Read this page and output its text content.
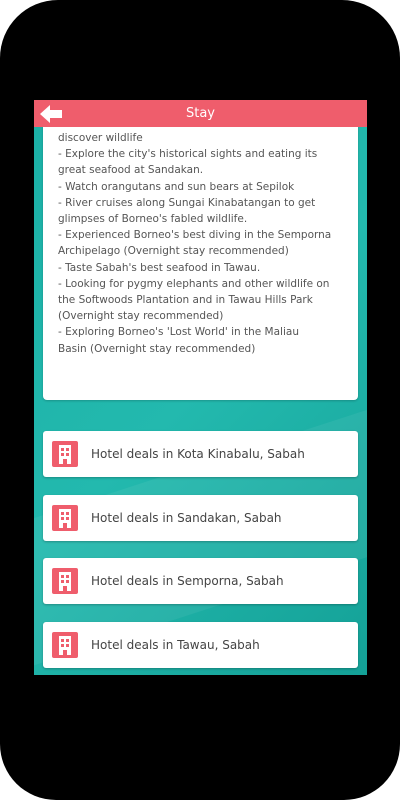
Stay

discover wildlife
- Explore the city's historical sights and eating its
great seafood at Sandakan.
- Watch orangutans and sun bears at Sepilok
- River cruises along Sungai Kinabatangan to get
glimpses of Borneo's fabled wildlife.
- Experienced Borneo's best diving in the Semporna
Archipelago (Overnight stay recommended)
- Taste Sabah's best seafood in Tawau.
- Looking for pygmy elephants and other wildlife on
the Softwoods Plantation and in Tawau Hills Park
(Overnight stay recommended)
- Exploring Borneo's 'Lost World' in the Maliau
Basin (Overnight stay recommended)
Hotel deals in Kota Kinabalu, Sabah
Hotel deals in Sandakan, Sabah
Hotel deals in Semporna, Sabah
Hotel deals in Tawau, Sabah
